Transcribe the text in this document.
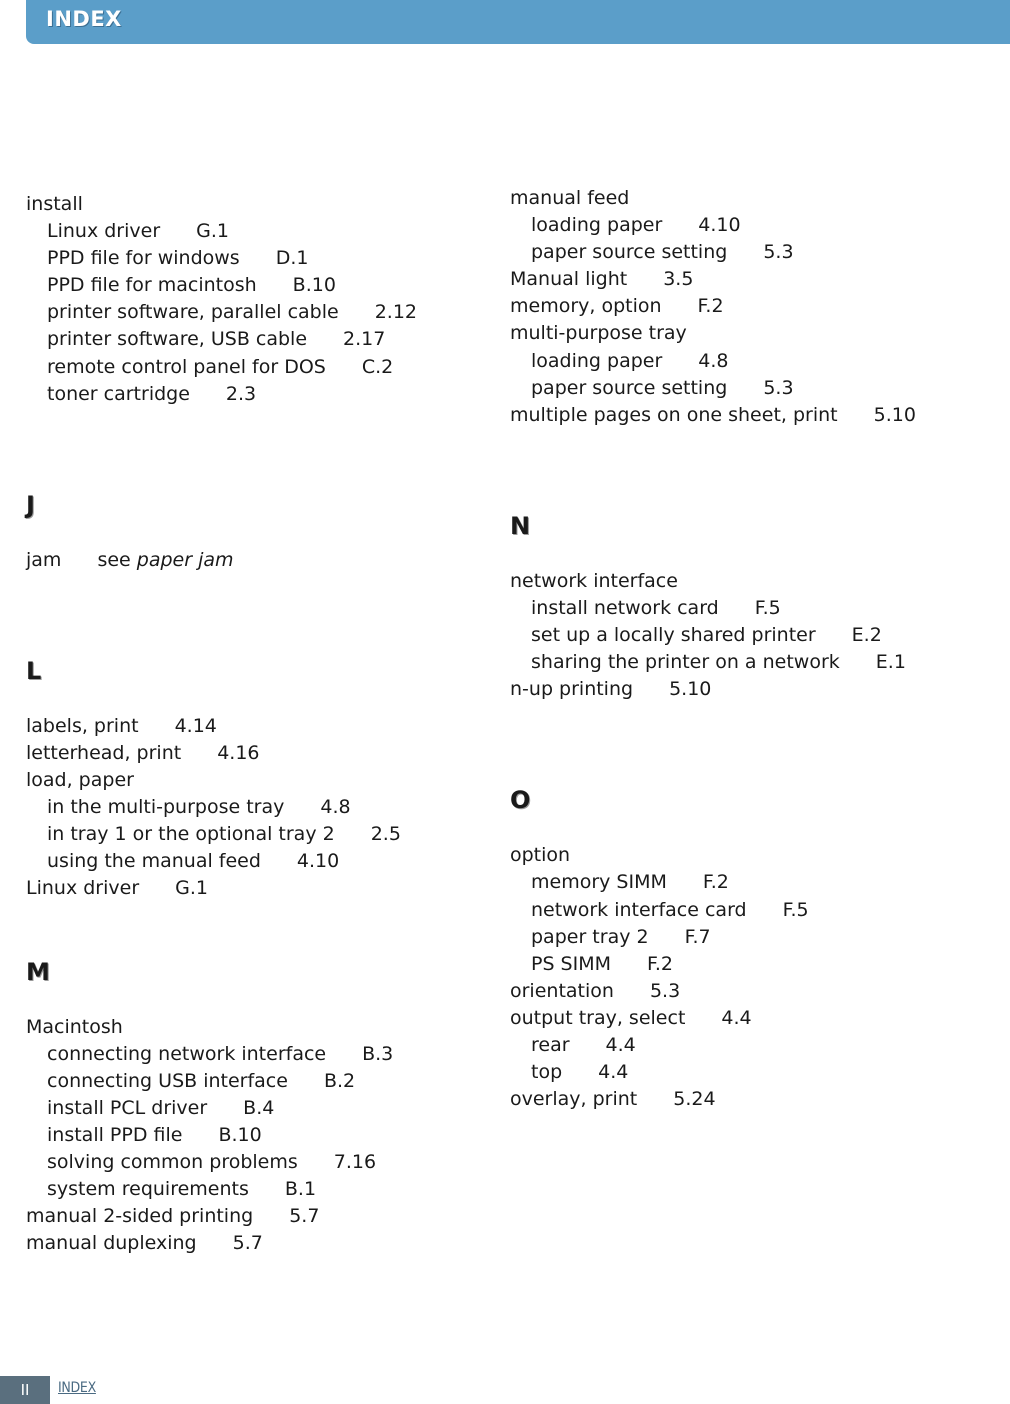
INDEX
install
Linux driver G.1
PPD file for windows D.1
PPD file for macintosh B.10
printer software, parallel cable 2.12
printer software, USB cable 2.17
remote control panel for DOS C.2
toner cartridge 2.3
J
jam see paper jam
L
labels, print 4.14
letterhead, print 4.16
load, paper
in the multi-purpose tray 4.8
in tray 1 or the optional tray 2 2.5
using the manual feed 4.10
Linux driver G.1
M
Macintosh
connecting network interface B.3
connecting USB interface B.2
install PCL driver B.4
install PPD file B.10
solving common problems 7.16
system requirements B.1
manual 2-sided printing 5.7
manual duplexing 5.7
manual feed
loading paper 4.10
paper source setting 5.3
Manual light 3.5
memory, option F.2
multi-purpose tray
loading paper 4.8
paper source setting 5.3
multiple pages on one sheet, print 5.10
N
network interface
install network card F.5
set up a locally shared printer E.2
sharing the printer on a network E.1
n-up printing 5.10
O
option
memory SIMM F.2
network interface card F.5
paper tray 2 F.7
PS SIMM F.2
orientation 5.3
output tray, select 4.4
rear 4.4
top 4.4
overlay, print 5.24
II	INDEX
